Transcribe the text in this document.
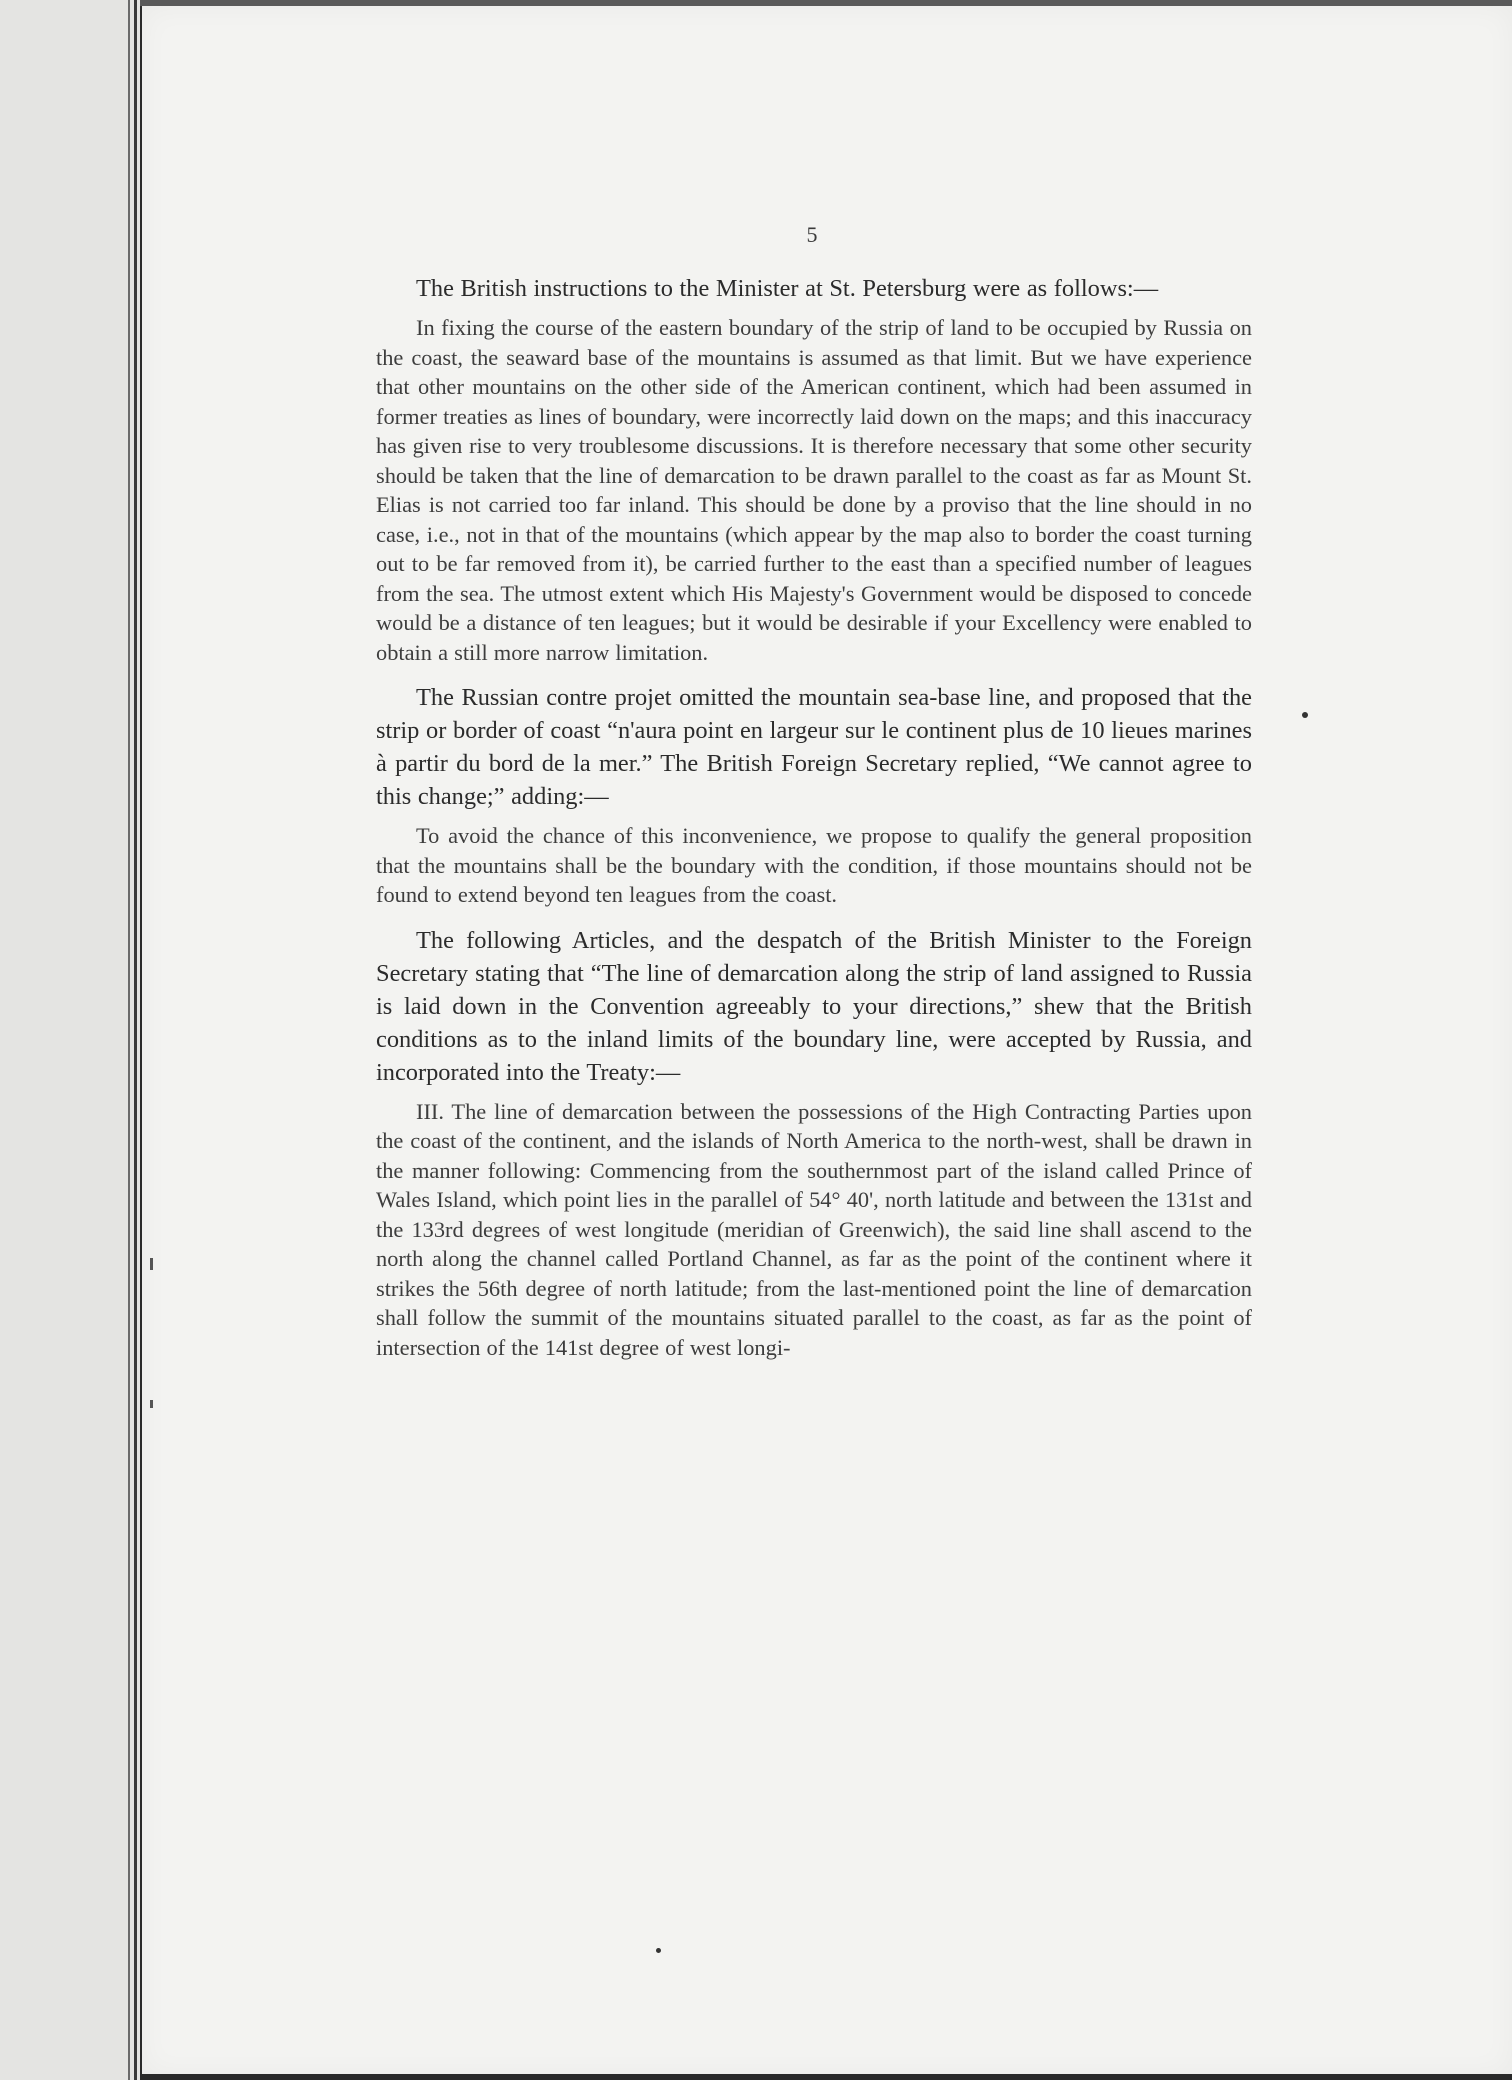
5

The British instructions to the Minister at St. Petersburg were as follows:—

In fixing the course of the eastern boundary of the strip of land to be occupied by Russia on the coast, the seaward base of the mountains is assumed as that limit. But we have experience that other mountains on the other side of the American continent, which had been assumed in former treaties as lines of boundary, were incorrectly laid down on the maps; and this inaccuracy has given rise to very troublesome discussions. It is therefore necessary that some other security should be taken that the line of demarcation to be drawn parallel to the coast as far as Mount St. Elias is not carried too far inland. This should be done by a proviso that the line should in no case, i.e., not in that of the mountains (which appear by the map also to border the coast turning out to be far removed from it), be carried further to the east than a specified number of leagues from the sea. The utmost extent which His Majesty's Government would be disposed to concede would be a distance of ten leagues; but it would be desirable if your Excellency were enabled to obtain a still more narrow limitation.

The Russian contre projet omitted the mountain sea-base line, and proposed that the strip or border of coast “n'aura point en largeur sur le continent plus de 10 lieues marines à partir du bord de la mer.” The British Foreign Secretary replied, “We cannot agree to this change;” adding:—

To avoid the chance of this inconvenience, we propose to qualify the general proposition that the mountains shall be the boundary with the condition, if those mountains should not be found to extend beyond ten leagues from the coast.

The following Articles, and the despatch of the British Minister to the Foreign Secretary stating that “The line of demarcation along the strip of land assigned to Russia is laid down in the Convention agreeably to your directions,” shew that the British conditions as to the inland limits of the boundary line, were accepted by Russia, and incorporated into the Treaty:—

III. The line of demarcation between the possessions of the High Contracting Parties upon the coast of the continent, and the islands of North America to the north-west, shall be drawn in the manner following: Commencing from the southernmost part of the island called Prince of Wales Island, which point lies in the parallel of 54° 40', north latitude and between the 131st and the 133rd degrees of west longitude (meridian of Greenwich), the said line shall ascend to the north along the channel called Portland Channel, as far as the point of the continent where it strikes the 56th degree of north latitude; from the last-mentioned point the line of demarcation shall follow the summit of the mountains situated parallel to the coast, as far as the point of intersection of the 141st degree of west longi-
